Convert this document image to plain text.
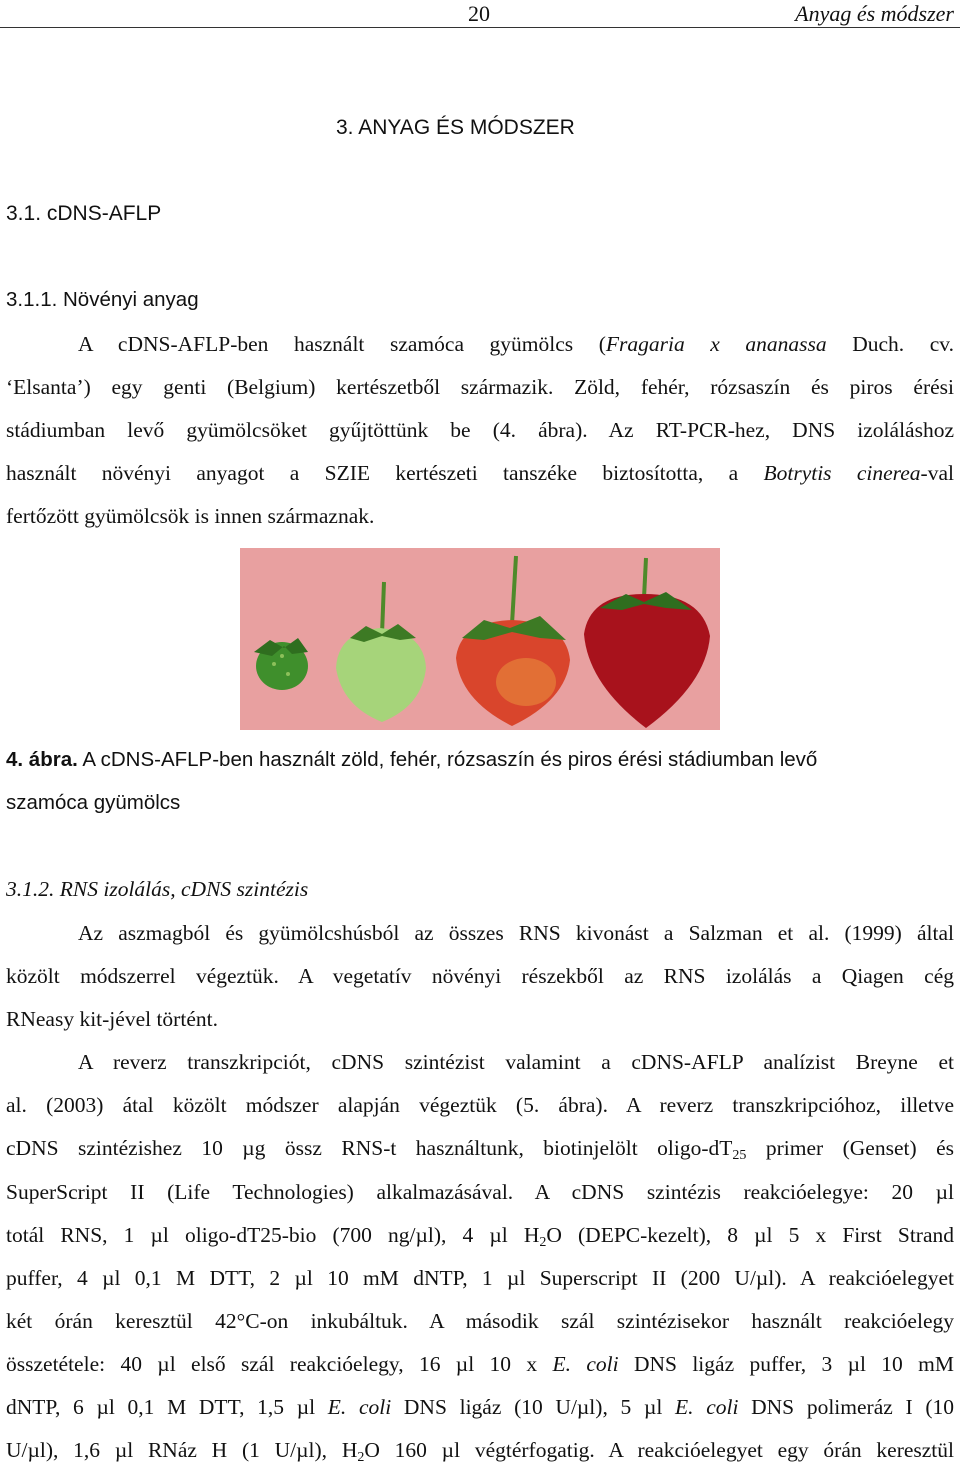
20	Anyag és módszer
3. ANYAG ÉS MÓDSZER
3.1. cDNS-AFLP
3.1.1. Növényi anyag
A cDNS-AFLP-ben használt szamóca gyümölcs (Fragaria x ananassa Duch. cv.
‘Elsanta’) egy genti (Belgium) kertészetből származik. Zöld, fehér, rózsaszín és piros érési
stádiumban levő gyümölcsöket gyűjtöttünk be (4. ábra). Az RT-PCR-hez, DNS izoláláshoz
használt növényi anyagot a SZIE kertészeti tanszéke biztosította, a Botrytis cinerea-val
fertőzött gyümölcsök is innen származnak.
4. ábra. A cDNS-AFLP-ben használt zöld, fehér, rózsaszín és piros érési stádiumban levő
szamóca gyümölcs
3.1.2. RNS izolálás, cDNS szintézis
Az aszmagból és gyümölcshúsból az összes RNS kivonást a Salzman et al. (1999) által
közölt módszerrel végeztük. A vegetatív növényi részekből az RNS izolálás a Qiagen cég
RNeasy kit-jével történt.
A reverz transzkripciót, cDNS szintézist valamint a cDNS-AFLP analízist Breyne et
al. (2003) átal közölt módszer alapján végeztük (5. ábra). A reverz transzkripcióhoz, illetve
cDNS szintézishez 10 µg össz RNS-t használtunk, biotinjelölt oligo-$dT_{25}$ primer (Genset) és
SuperScript II (Life Technologies) alkalmazásával. A cDNS szintézis reakcióelegye: 20 µl
totál RNS, 1 µl oligo-dT25-bio (700 ng/µl), 4 µl $H_2O$ (DEPC-kezelt), 8 µl 5 x First Strand
puffer, 4 µl 0,1 M DTT, 2 µl 10 mM dNTP, 1 µl Superscript II (200 U/µl). A reakcióelegyet
két órán keresztül 42°C-on inkubáltuk. A második szál szintézisekor használt reakcióelegy
összetétele: 40 µl első szál reakcióelegy, 16 µl 10 x E. coli DNS ligáz puffer, 3 µl 10 mM
dNTP, 6 µl 0,1 M DTT, 1,5 µl E. coli DNS ligáz (10 U/µl), 5 µl E. coli DNS polimeráz I (10
U/µl), 1,6 µl RNáz H (1 U/µl), $H_2O$ 160 µl végtérfogatig. A reakcióelegyet egy órán keresztül
